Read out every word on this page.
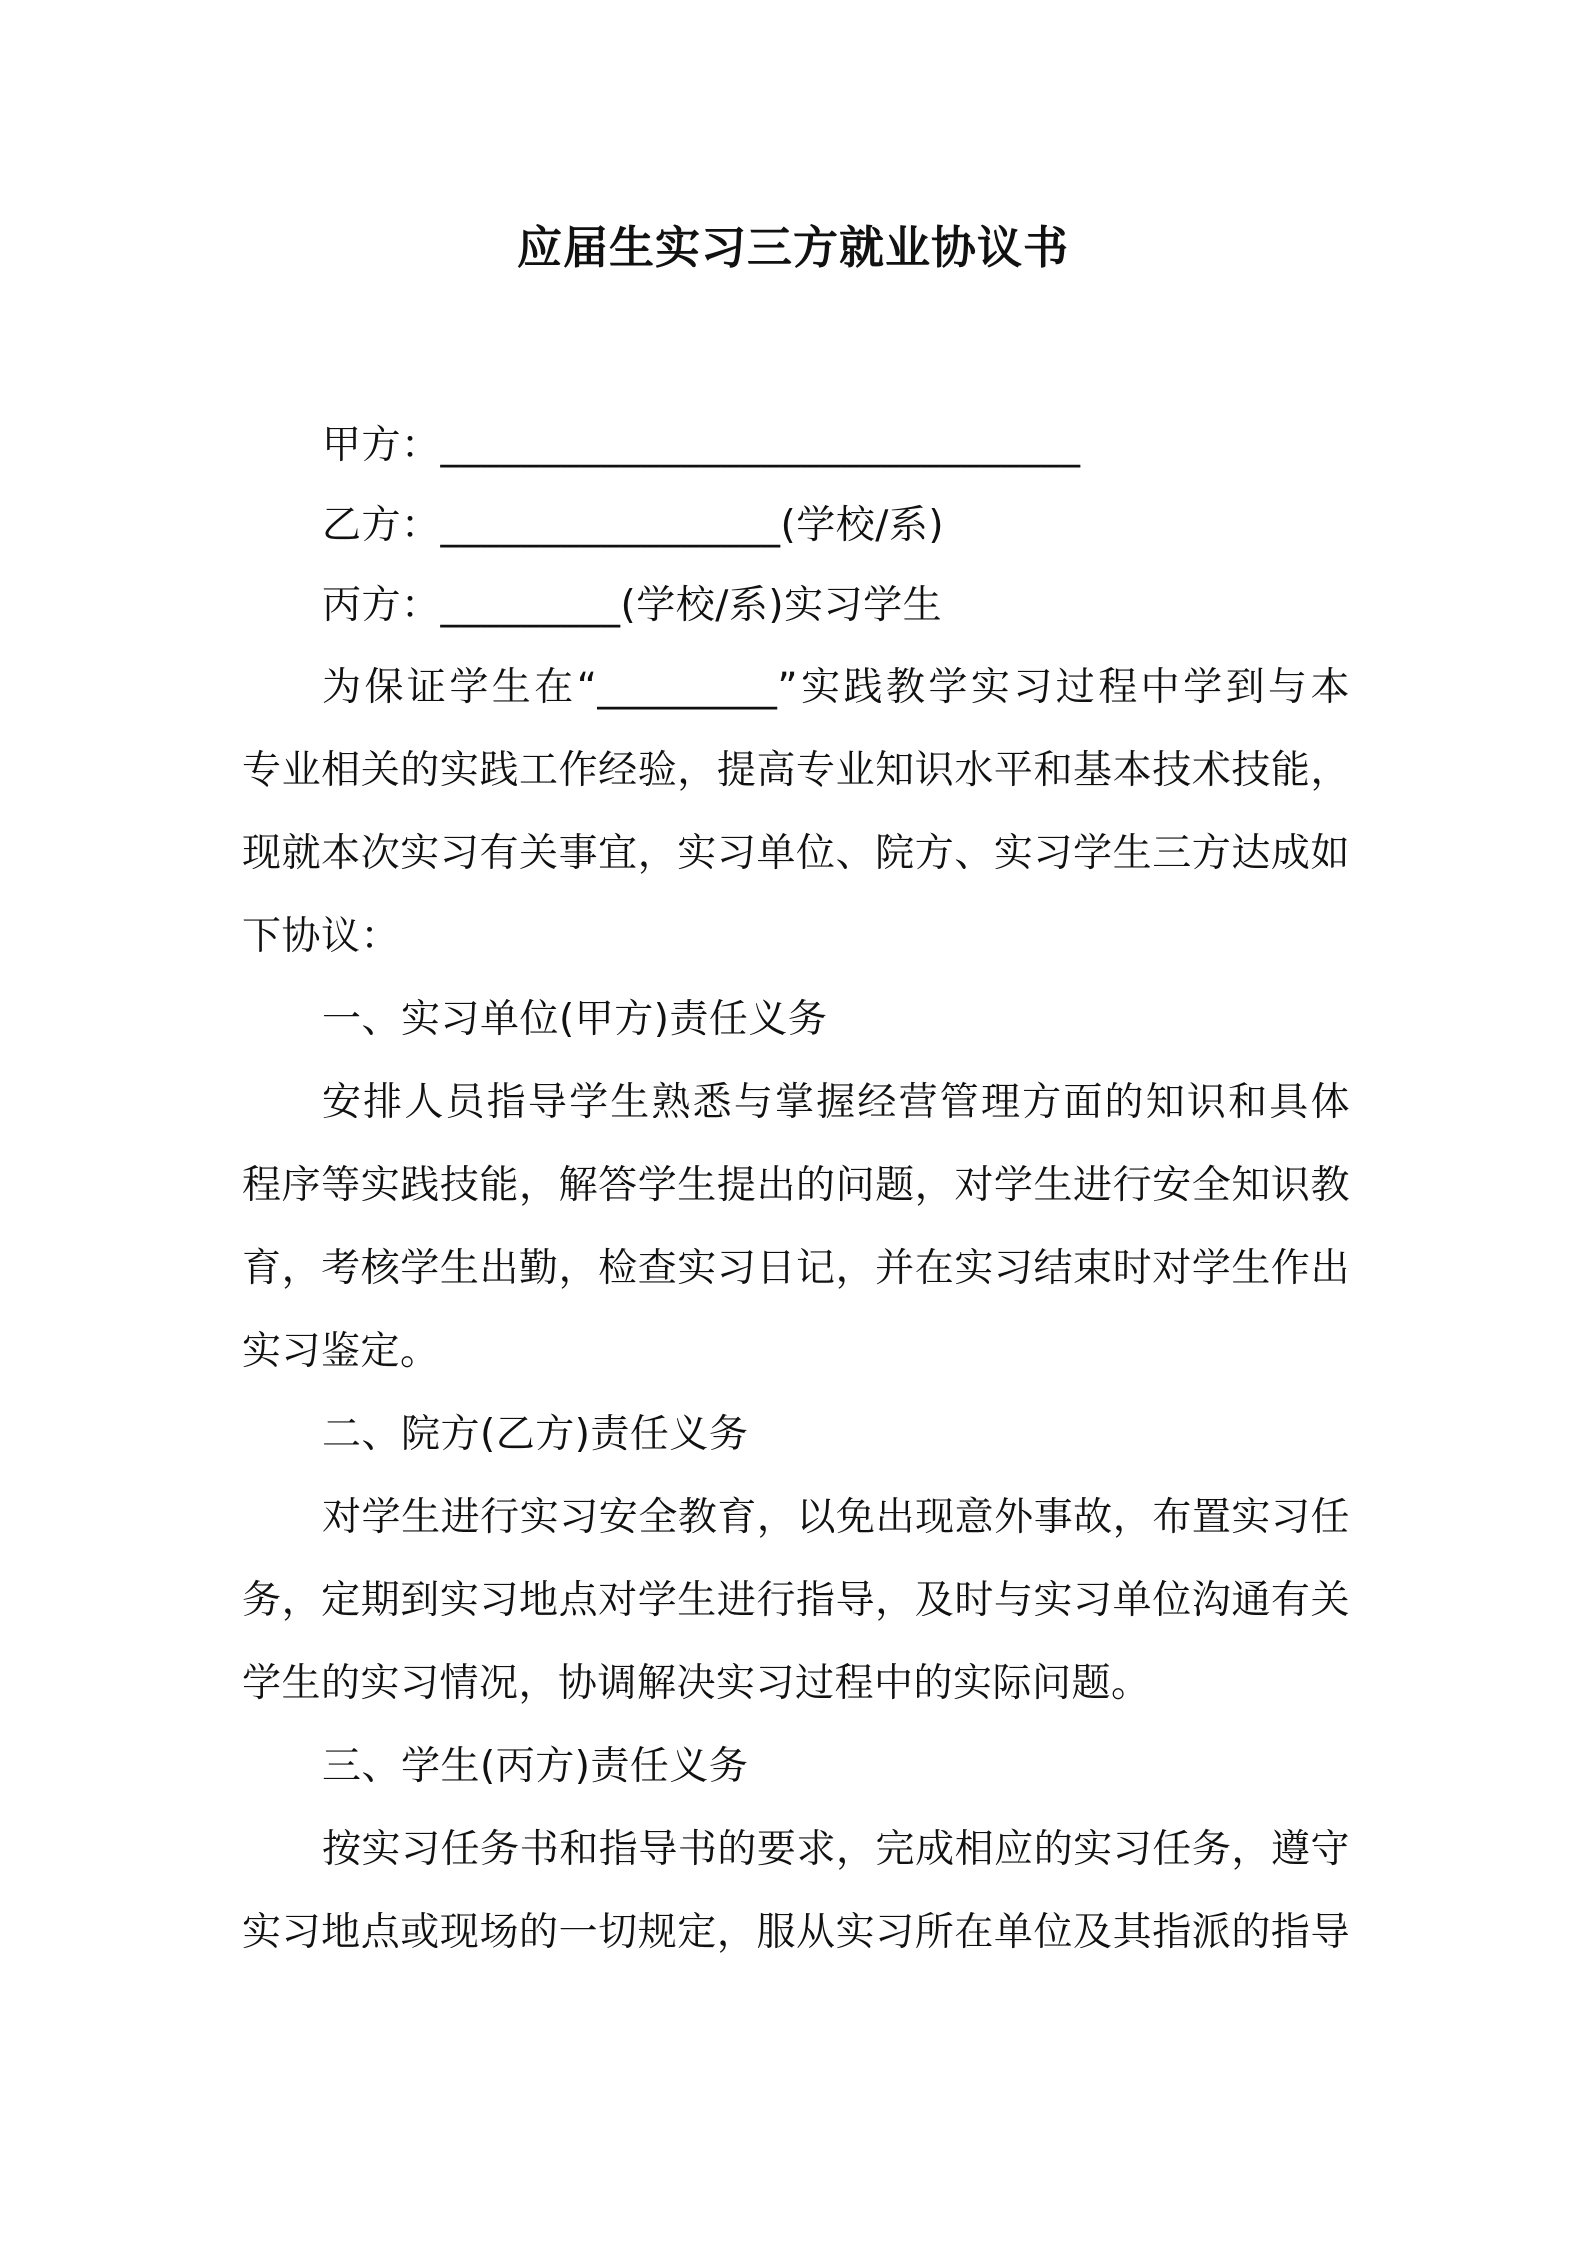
应届生实习三方就业协议书
甲方：________________________________
乙方：_________________(学校/系)
丙方：_________(学校/系)实习学生
为保证学生在“_________”实践教学实习过程中学到与本
专业相关的实践工作经验，提高专业知识水平和基本技术技能，
现就本次实习有关事宜，实习单位、院方、实习学生三方达成如
下协议：
一、实习单位(甲方)责任义务
安排人员指导学生熟悉与掌握经营管理方面的知识和具体
程序等实践技能，解答学生提出的问题，对学生进行安全知识教
育，考核学生出勤，检查实习日记，并在实习结束时对学生作出
实习鉴定。
二、院方(乙方)责任义务
对学生进行实习安全教育，以免出现意外事故，布置实习任
务，定期到实习地点对学生进行指导，及时与实习单位沟通有关
学生的实习情况，协调解决实习过程中的实际问题。
三、学生(丙方)责任义务
按实习任务书和指导书的要求，完成相应的实习任务，遵守
实习地点或现场的一切规定，服从实习所在单位及其指派的指导
